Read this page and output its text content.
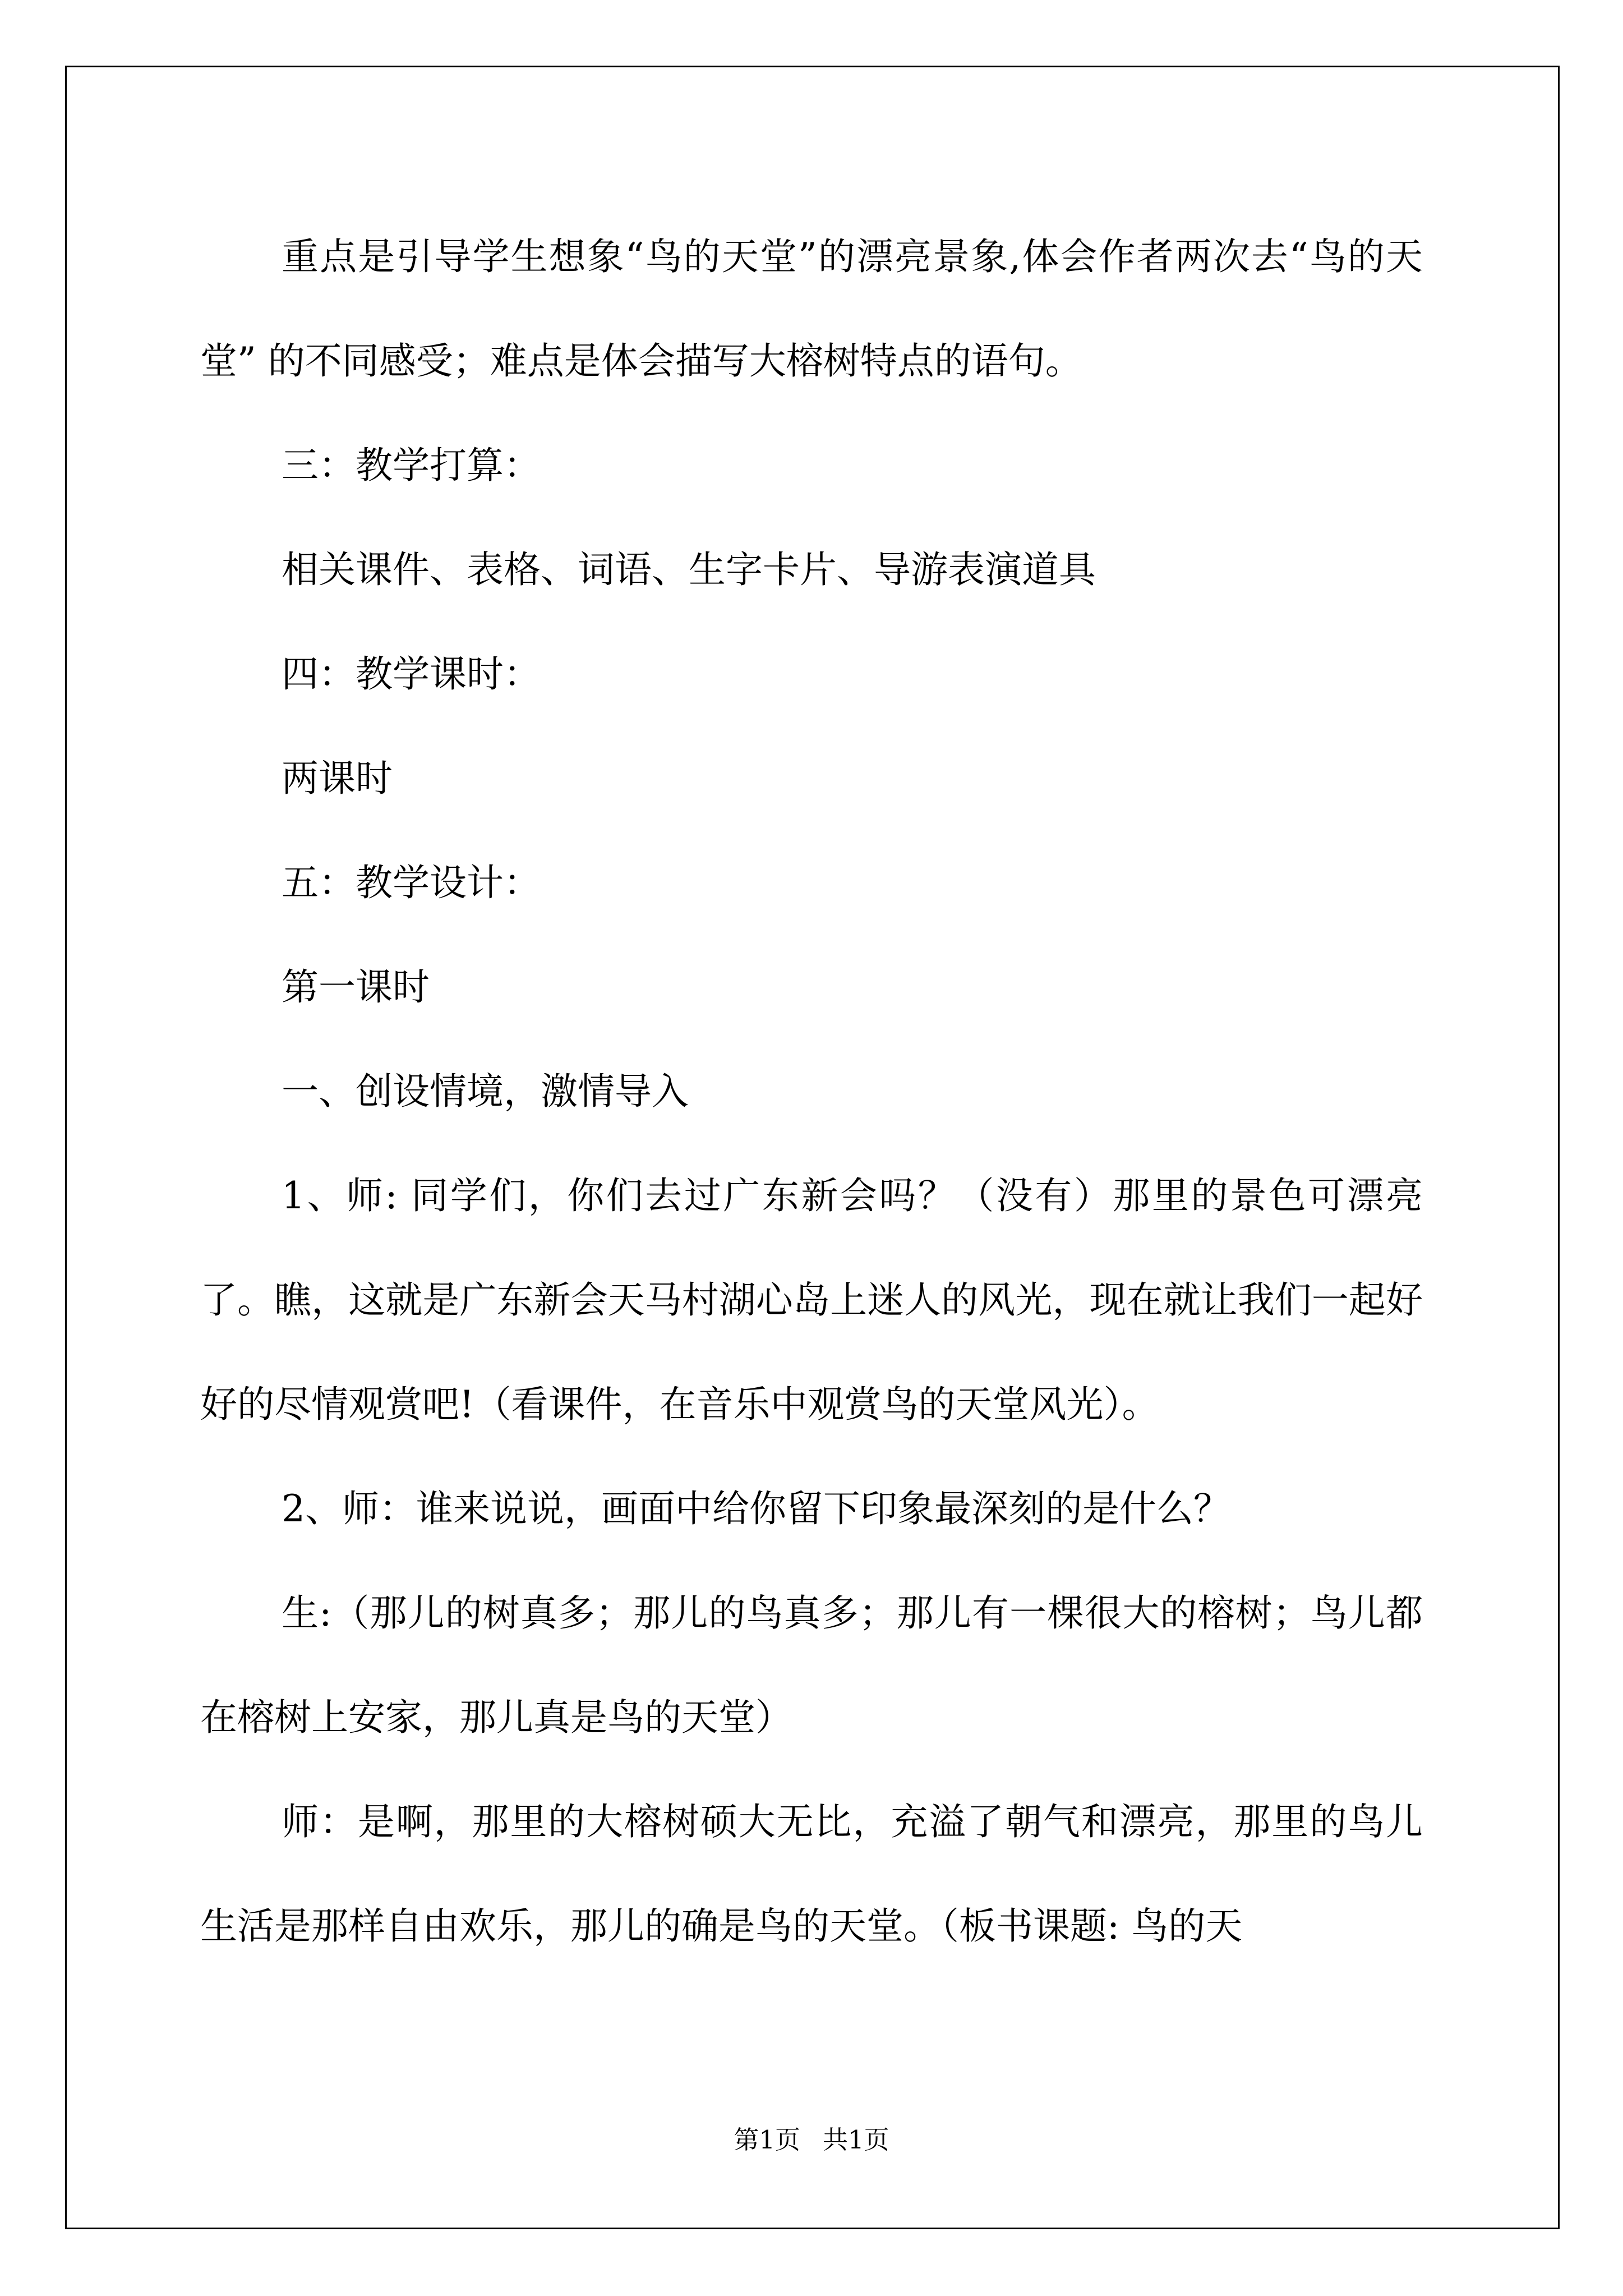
重点是引导学生想象“鸟的天堂”的漂亮景象,体会作者两次去“鸟的天堂” 的不同感受；难点是体会描写大榕树特点的语句。

三：教学打算：

相关课件、表格、词语、生字卡片、导游表演道具

四：教学课时：

两课时

五：教学设计：

第一课时

一、创设情境，激情导入

1、师: 同学们，你们去过广东新会吗？（没有）那里的景色可漂亮了。瞧，这就是广东新会天马村湖心岛上迷人的风光，现在就让我们一起好好的尽情观赏吧!（看课件，在音乐中观赏鸟的天堂风光）。

2、师：谁来说说，画面中给你留下印象最深刻的是什么？

生:（那儿的树真多；那儿的鸟真多；那儿有一棵很大的榕树；鸟儿都在榕树上安家，那儿真是鸟的天堂）

师：是啊，那里的大榕树硕大无比，充溢了朝气和漂亮，那里的鸟儿生活是那样自由欢乐，那儿的确是鸟的天堂。（板书课题: 鸟的天

第1页 共1页
